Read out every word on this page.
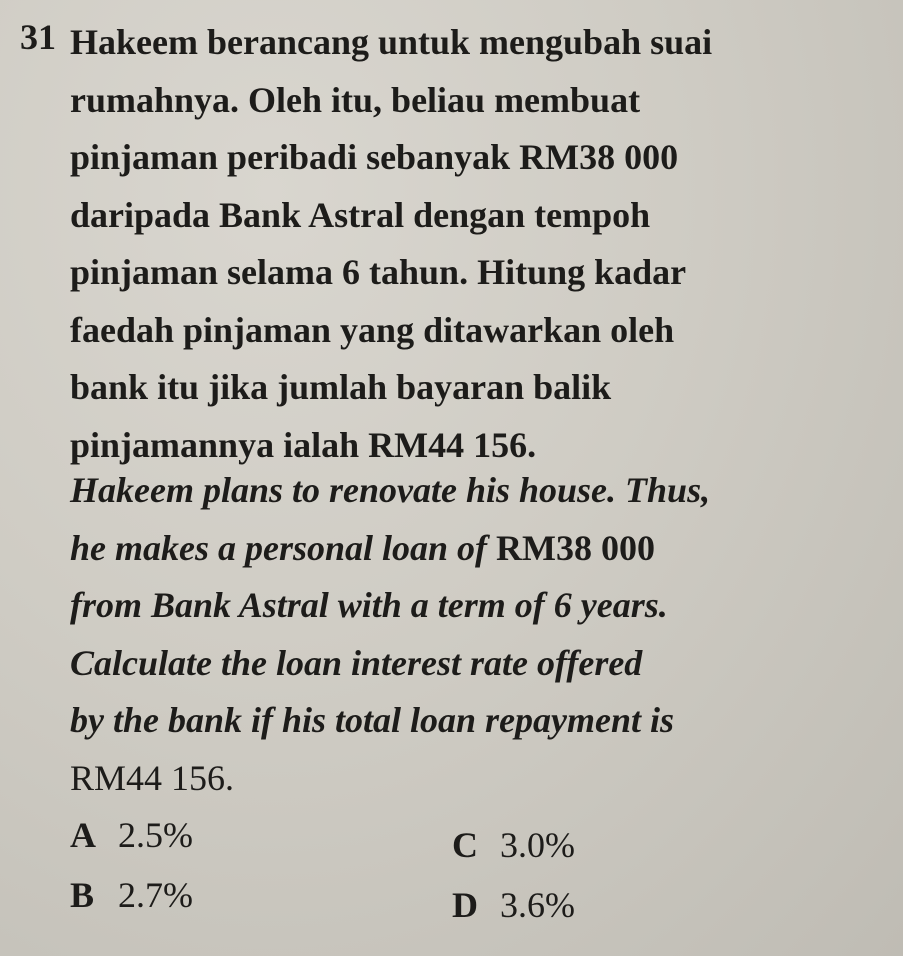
31 Hakeem berancang untuk mengubah suai
rumahnya. Oleh itu, beliau membuat
pinjaman peribadi sebanyak RM38 000
daripada Bank Astral dengan tempoh
pinjaman selama 6 tahun. Hitung kadar
faedah pinjaman yang ditawarkan oleh
bank itu jika jumlah bayaran balik
pinjamannya ialah RM44 156.
Hakeem plans to renovate his house. Thus,
he makes a personal loan of RM38 000
from Bank Astral with a term of 6 years.
Calculate the loan interest rate offered
by the bank if his total loan repayment is
RM44 156.
A 2.5%
B 2.7%
C 3.0%
D 3.6%
